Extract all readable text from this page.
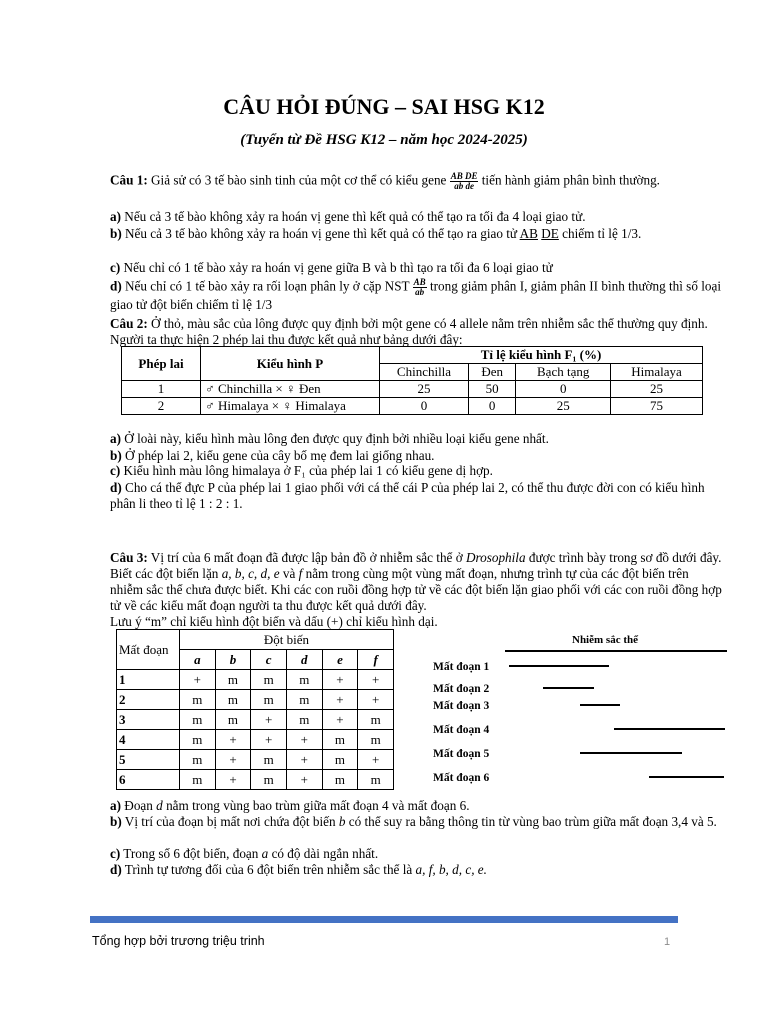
CÂU HỎI ĐÚNG – SAI HSG K12
(Tuyển từ Đề HSG K12 – năm học 2024-2025)
Câu 1: Giả sử có 3 tế bào sinh tinh của một cơ thể có kiểu gene $\frac{\text{AB DE}}{\text{ab de}}$ tiến hành giảm phân bình thường.
a) Nếu cả 3 tế bào không xảy ra hoán vị gene thì kết quả có thể tạo ra tối đa 4 loại giao tử.
b) Nếu cả 3 tế bào không xảy ra hoán vị gene thì kết quả có thể tạo ra giao tử AB DE chiếm tỉ lệ 1/3.
c) Nếu chỉ có 1 tế bào xảy ra hoán vị gene giữa B và b thì tạo ra tối đa 6 loại giao tử
d) Nếu chỉ có 1 tế bào xảy ra rối loạn phân ly ở cặp NST $\frac{AB}{ab}$ trong giảm phân I, giảm phân II bình thường thì số loại giao tử đột biến chiếm tỉ lệ 1/3
Câu 2: Ở thỏ, màu sắc của lông được quy định bởi một gene có 4 allele nằm trên nhiễm sắc thể thường quy định. Người ta thực hiện 2 phép lai thu được kết quả như bảng dưới đây:
Phép lai	Kiểu hình P	Tỉ lệ kiểu hình F₁ (%)			
		Chinchilla	Đen	Bạch tạng	Himalaya
1	♂ Chinchilla × ♀ Đen	25	50	0	25
2	♂ Himalaya × ♀ Himalaya	0	0	25	75
a) Ở loài này, kiểu hình màu lông đen được quy định bởi nhiều loại kiểu gene nhất.
b) Ở phép lai 2, kiểu gene của cây bố mẹ đem lai giống nhau.
c) Kiểu hình màu lông himalaya ở F₁ của phép lai 1 có kiểu gene dị hợp.
d) Cho cá thể đực P của phép lai 1 giao phối với cá thể cái P của phép lai 2, có thể thu được đời con có kiểu hình phân li theo tỉ lệ 1 : 2 : 1.
Câu 3: Vị trí của 6 mất đoạn đã được lập bản đồ ở nhiễm sắc thể ở Drosophila được trình bày trong sơ đồ dưới đây. Biết các đột biến lặn a, b, c, d, e và f nằm trong cùng một vùng mất đoạn, nhưng trình tự của các đột biến trên nhiễm sắc thể chưa được biết. Khi các con ruồi đồng hợp tử về các đột biến lặn giao phối với các con ruồi đồng hợp tử về các kiểu mất đoạn người ta thu được kết quả dưới đây.
Lưu ý “m” chỉ kiểu hình đột biến và dấu (+) chỉ kiểu hình dại.
Mất đoạn	Đột biến					
	a	b	c	d	e	f
1	+	m	m	m	+	+
2	m	m	m	m	+	+
3	m	m	+	m	+	m
4	m	+	+	+	m	m
5	m	+	m	+	m	+
6	m	+	m	+	m	m
Nhiễm sắc thể
Mất đoạn 1
Mất đoạn 2
Mất đoạn 3
Mất đoạn 4
Mất đoạn 5
Mất đoạn 6
a) Đoạn d nằm trong vùng bao trùm giữa mất đoạn 4 và mất đoạn 6.
b) Vị trí của đoạn bị mất nơi chứa đột biến b có thể suy ra bằng thông tin từ vùng bao trùm giữa mất đoạn 3,4 và 5.
c) Trong số 6 đột biến, đoạn a có độ dài ngắn nhất.
d) Trình tự tương đối của 6 đột biến trên nhiễm sắc thể là a, f, b, d, c, e.
Tổng hợp bởi trương triệu trinh	1
